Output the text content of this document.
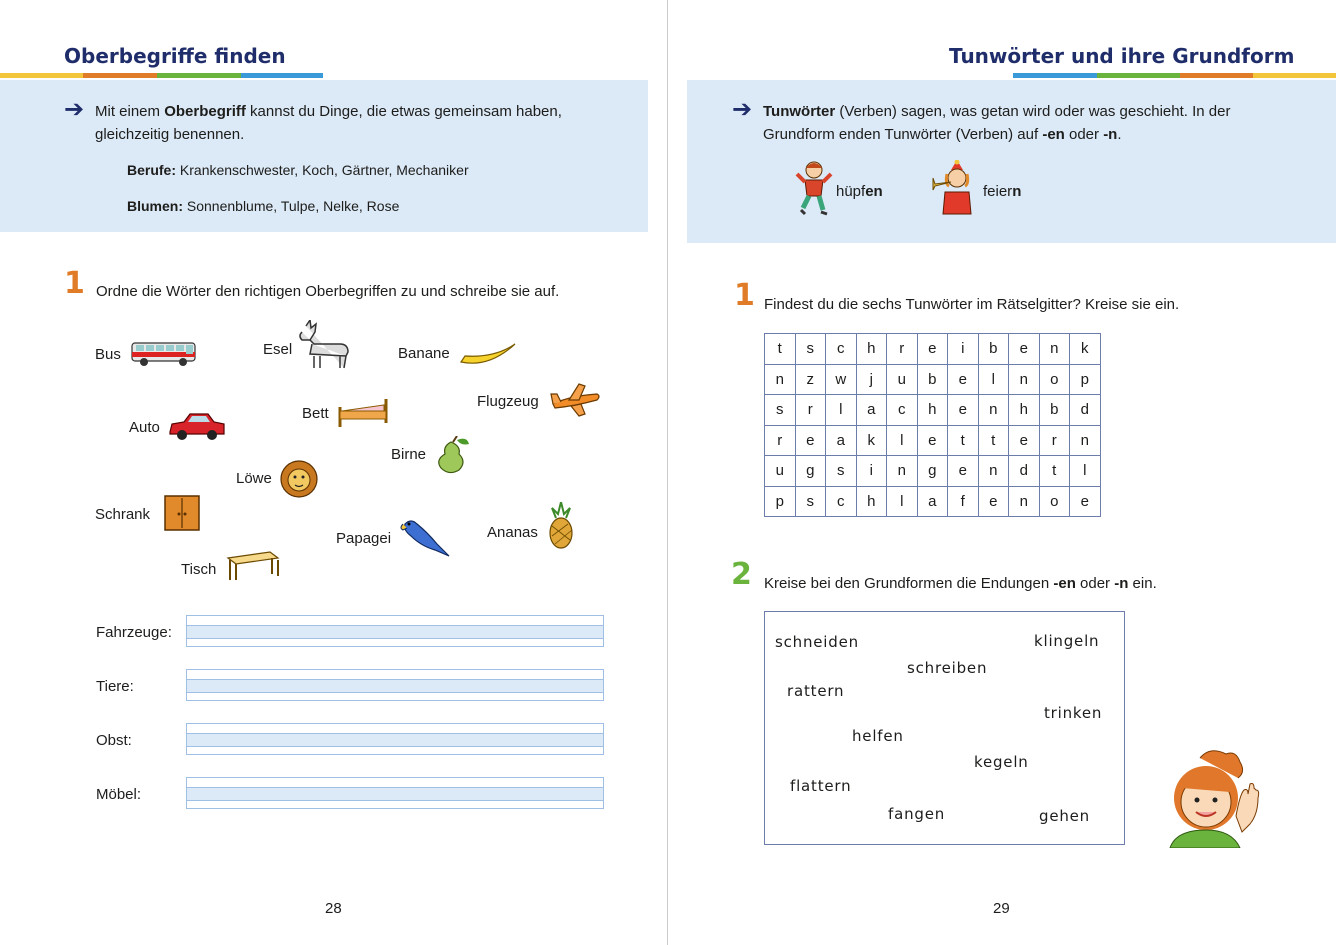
Oberbegriffe finden
➔ Mit einem Oberbegriff kannst du Dinge, die etwas gemeinsam haben, gleichzeitig benennen.

Berufe: Krankenschwester, Koch, Gärtner, Mechaniker
Blumen: Sonnenblume, Tulpe, Nelke, Rose
1 Ordne die Wörter den richtigen Oberbegriffen zu und schreibe sie auf.
Bus	Esel	Banane
Flugzeug
Auto
Bett
Birne
Löwe
Schrank
Papagei	Ananas
Tisch
Fahrzeuge:
Tiere:
Obst:
Möbel:
28
Tunwörter und ihre Grundform
➔ Tunwörter (Verben) sagen, was getan wird oder was geschieht. In der Grundform enden Tunwörter (Verben) auf -en oder -n.

hüpfen	feiern
1 Findest du die sechs Tunwörter im Rätselgitter? Kreise sie ein.
t	s	c	h	r	e	i	b	e	n	k
n	z	w	j	u	b	e	l	n	o	p
s	r	l	a	c	h	e	n	h	b	d
r	e	a	k	l	e	t	t	e	r	n
u	g	s	i	n	g	e	n	d	t	l
p	s	c	h	l	a	f	e	n	o	e
2 Kreise bei den Grundformen die Endungen -en oder -n ein.
schneiden	klingeln
schreiben
rattern
trinken
helfen
kegeln
flattern
fangen	gehen
29
